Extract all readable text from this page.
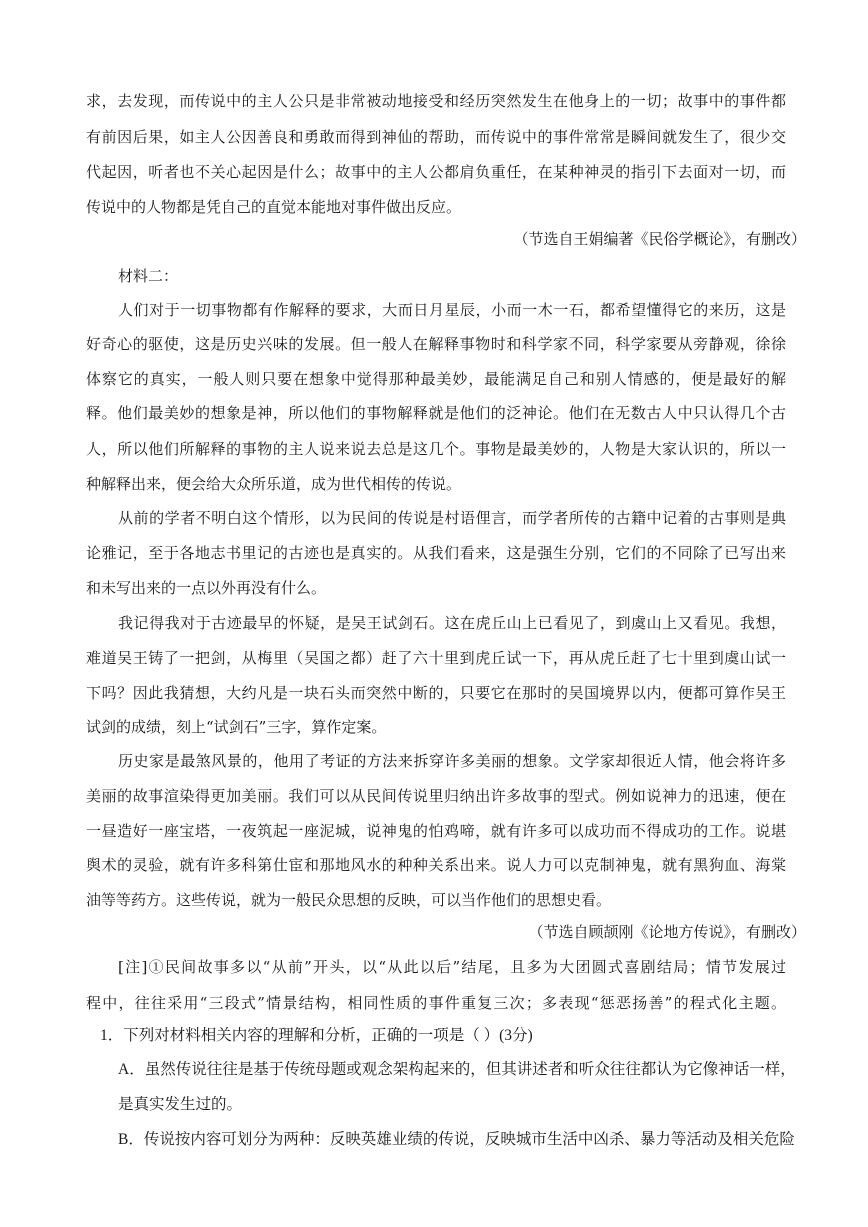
求，去发现，而传说中的主人公只是非常被动地接受和经历突然发生在他身上的一切；故事中的事件都
有前因后果，如主人公因善良和勇敢而得到神仙的帮助，而传说中的事件常常是瞬间就发生了，很少交
代起因，听者也不关心起因是什么；故事中的主人公都肩负重任，在某种神灵的指引下去面对一切，而
传说中的人物都是凭自己的直觉本能地对事件做出反应。
（节选自王娟编著《民俗学概论》，有删改）
材料二：
人们对于一切事物都有作解释的要求，大而日月星辰，小而一木一石，都希望懂得它的来历，这是
好奇心的驱使，这是历史兴味的发展。但一般人在解释事物时和科学家不同，科学家要从旁静观，徐徐
体察它的真实，一般人则只要在想象中觉得那种最美妙，最能满足自己和别人情感的，便是最好的解
释。他们最美妙的想象是神，所以他们的事物解释就是他们的泛神论。他们在无数古人中只认得几个古
人，所以他们所解释的事物的主人说来说去总是这几个。事物是最美妙的，人物是大家认识的，所以一
种解释出来，便会给大众所乐道，成为世代相传的传说。
从前的学者不明白这个情形，以为民间的传说是村语俚言，而学者所传的古籍中记着的古事则是典
论雅记，至于各地志书里记的古迹也是真实的。从我们看来，这是强生分别，它们的不同除了已写出来
和未写出来的一点以外再没有什么。
我记得我对于古迹最早的怀疑，是吴王试剑石。这在虎丘山上已看见了，到虞山上又看见。我想，
难道吴王铸了一把剑，从梅里（吴国之都）赶了六十里到虎丘试一下，再从虎丘赶了七十里到虞山试一
下吗？因此我猜想，大约凡是一块石头而突然中断的，只要它在那时的吴国境界以内，便都可算作吴王
试剑的成绩，刻上“试剑石”三字，算作定案。
历史家是最煞风景的，他用了考证的方法来拆穿许多美丽的想象。文学家却很近人情，他会将许多
美丽的故事渲染得更加美丽。我们可以从民间传说里归纳出许多故事的型式。例如说神力的迅速，便在
一昼造好一座宝塔，一夜筑起一座泥城，说神鬼的怕鸡啼，就有许多可以成功而不得成功的工作。说堪
舆术的灵验，就有许多科第仕宦和那地风水的种种关系出来。说人力可以克制神鬼，就有黑狗血、海棠
油等等药方。这些传说，就为一般民众思想的反映，可以当作他们的思想史看。
（节选自顾颉刚《论地方传说》，有删改）
[注]①民间故事多以“从前”开头，以“从此以后”结尾，且多为大团圆式喜剧结局；情节发展过
程中，往往采用“三段式”情景结构，相同性质的事件重复三次；多表现“惩恶扬善”的程式化主题。
1．下列对材料相关内容的理解和分析，正确的一项是（ ）(3分)
A．虽然传说往往是基于传统母题或观念架构起来的，但其讲述者和听众往往都认为它像神话一样，
是真实发生过的。
B．传说按内容可划分为两种：反映英雄业绩的传说，反映城市生活中凶杀、暴力等活动及相关危险
